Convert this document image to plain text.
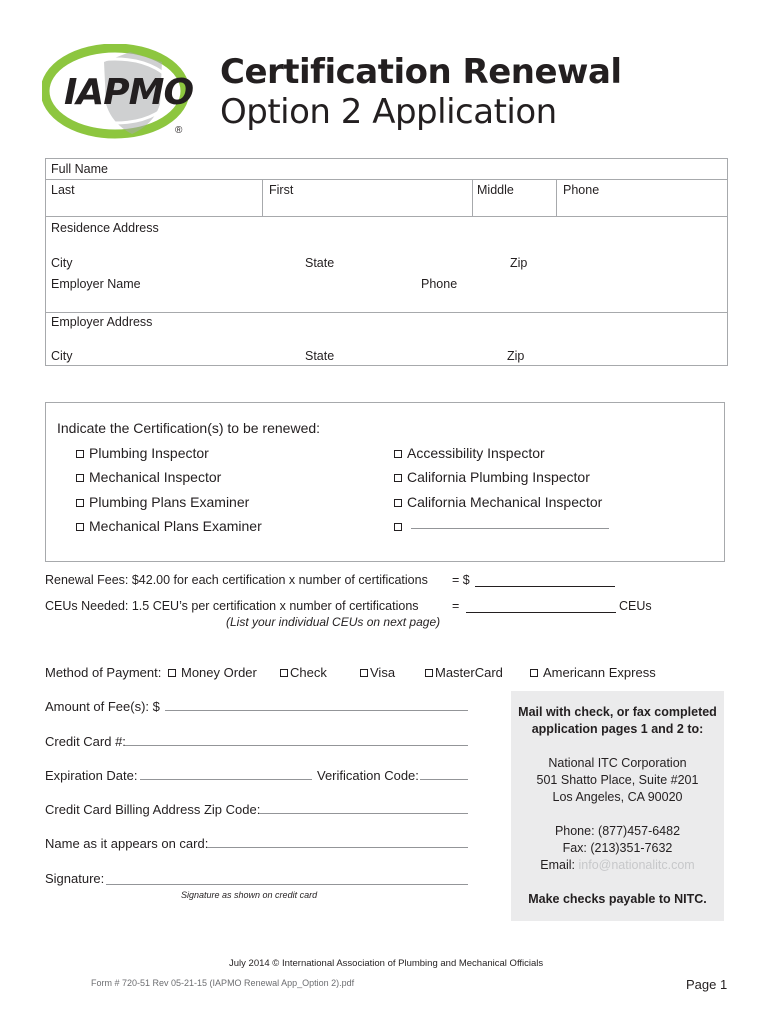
IAPMO
®
Certification Renewal
Option 2 Application
Full Name
Last	First	Middle	Phone
Residence Address
City	State	Zip
Employer Name	Phone
Employer Address
City	State	Zip
Indicate the Certification(s) to be renewed:
Plumbing Inspector
Mechanical Inspector
Plumbing Plans Examiner
Mechanical Plans Examiner
Accessibility Inspector
California Plumbing Inspector
California Mechanical Inspector
Renewal Fees: $42.00 for each certification x number of certifications = $
CEUs Needed: 1.5 CEU’s per certification x number of certifications	=	CEUs
(List your individual CEUs on next page)
Method of Payment:	Money Order	Check	Visa	MasterCard	Americann Express
Amount of Fee(s): $
Credit Card #:
Expiration Date:	Verification Code:
Credit Card Billing Address Zip Code:
Name as it appears on card:
Signature:
Signature as shown on credit card
Mail with check, or fax completed
application pages 1 and 2 to:
National ITC Corporation
501 Shatto Place, Suite #201
Los Angeles, CA 90020
Phone: (877)457-6482
Fax: (213)351-7632
Email: info@nationalitc.com
Make checks payable to NITC.
July 2014 © International Association of Plumbing and Mechanical Officials
Form # 720-51 Rev 05-21-15 (IAPMO Renewal App_Option 2).pdf	Page 1
